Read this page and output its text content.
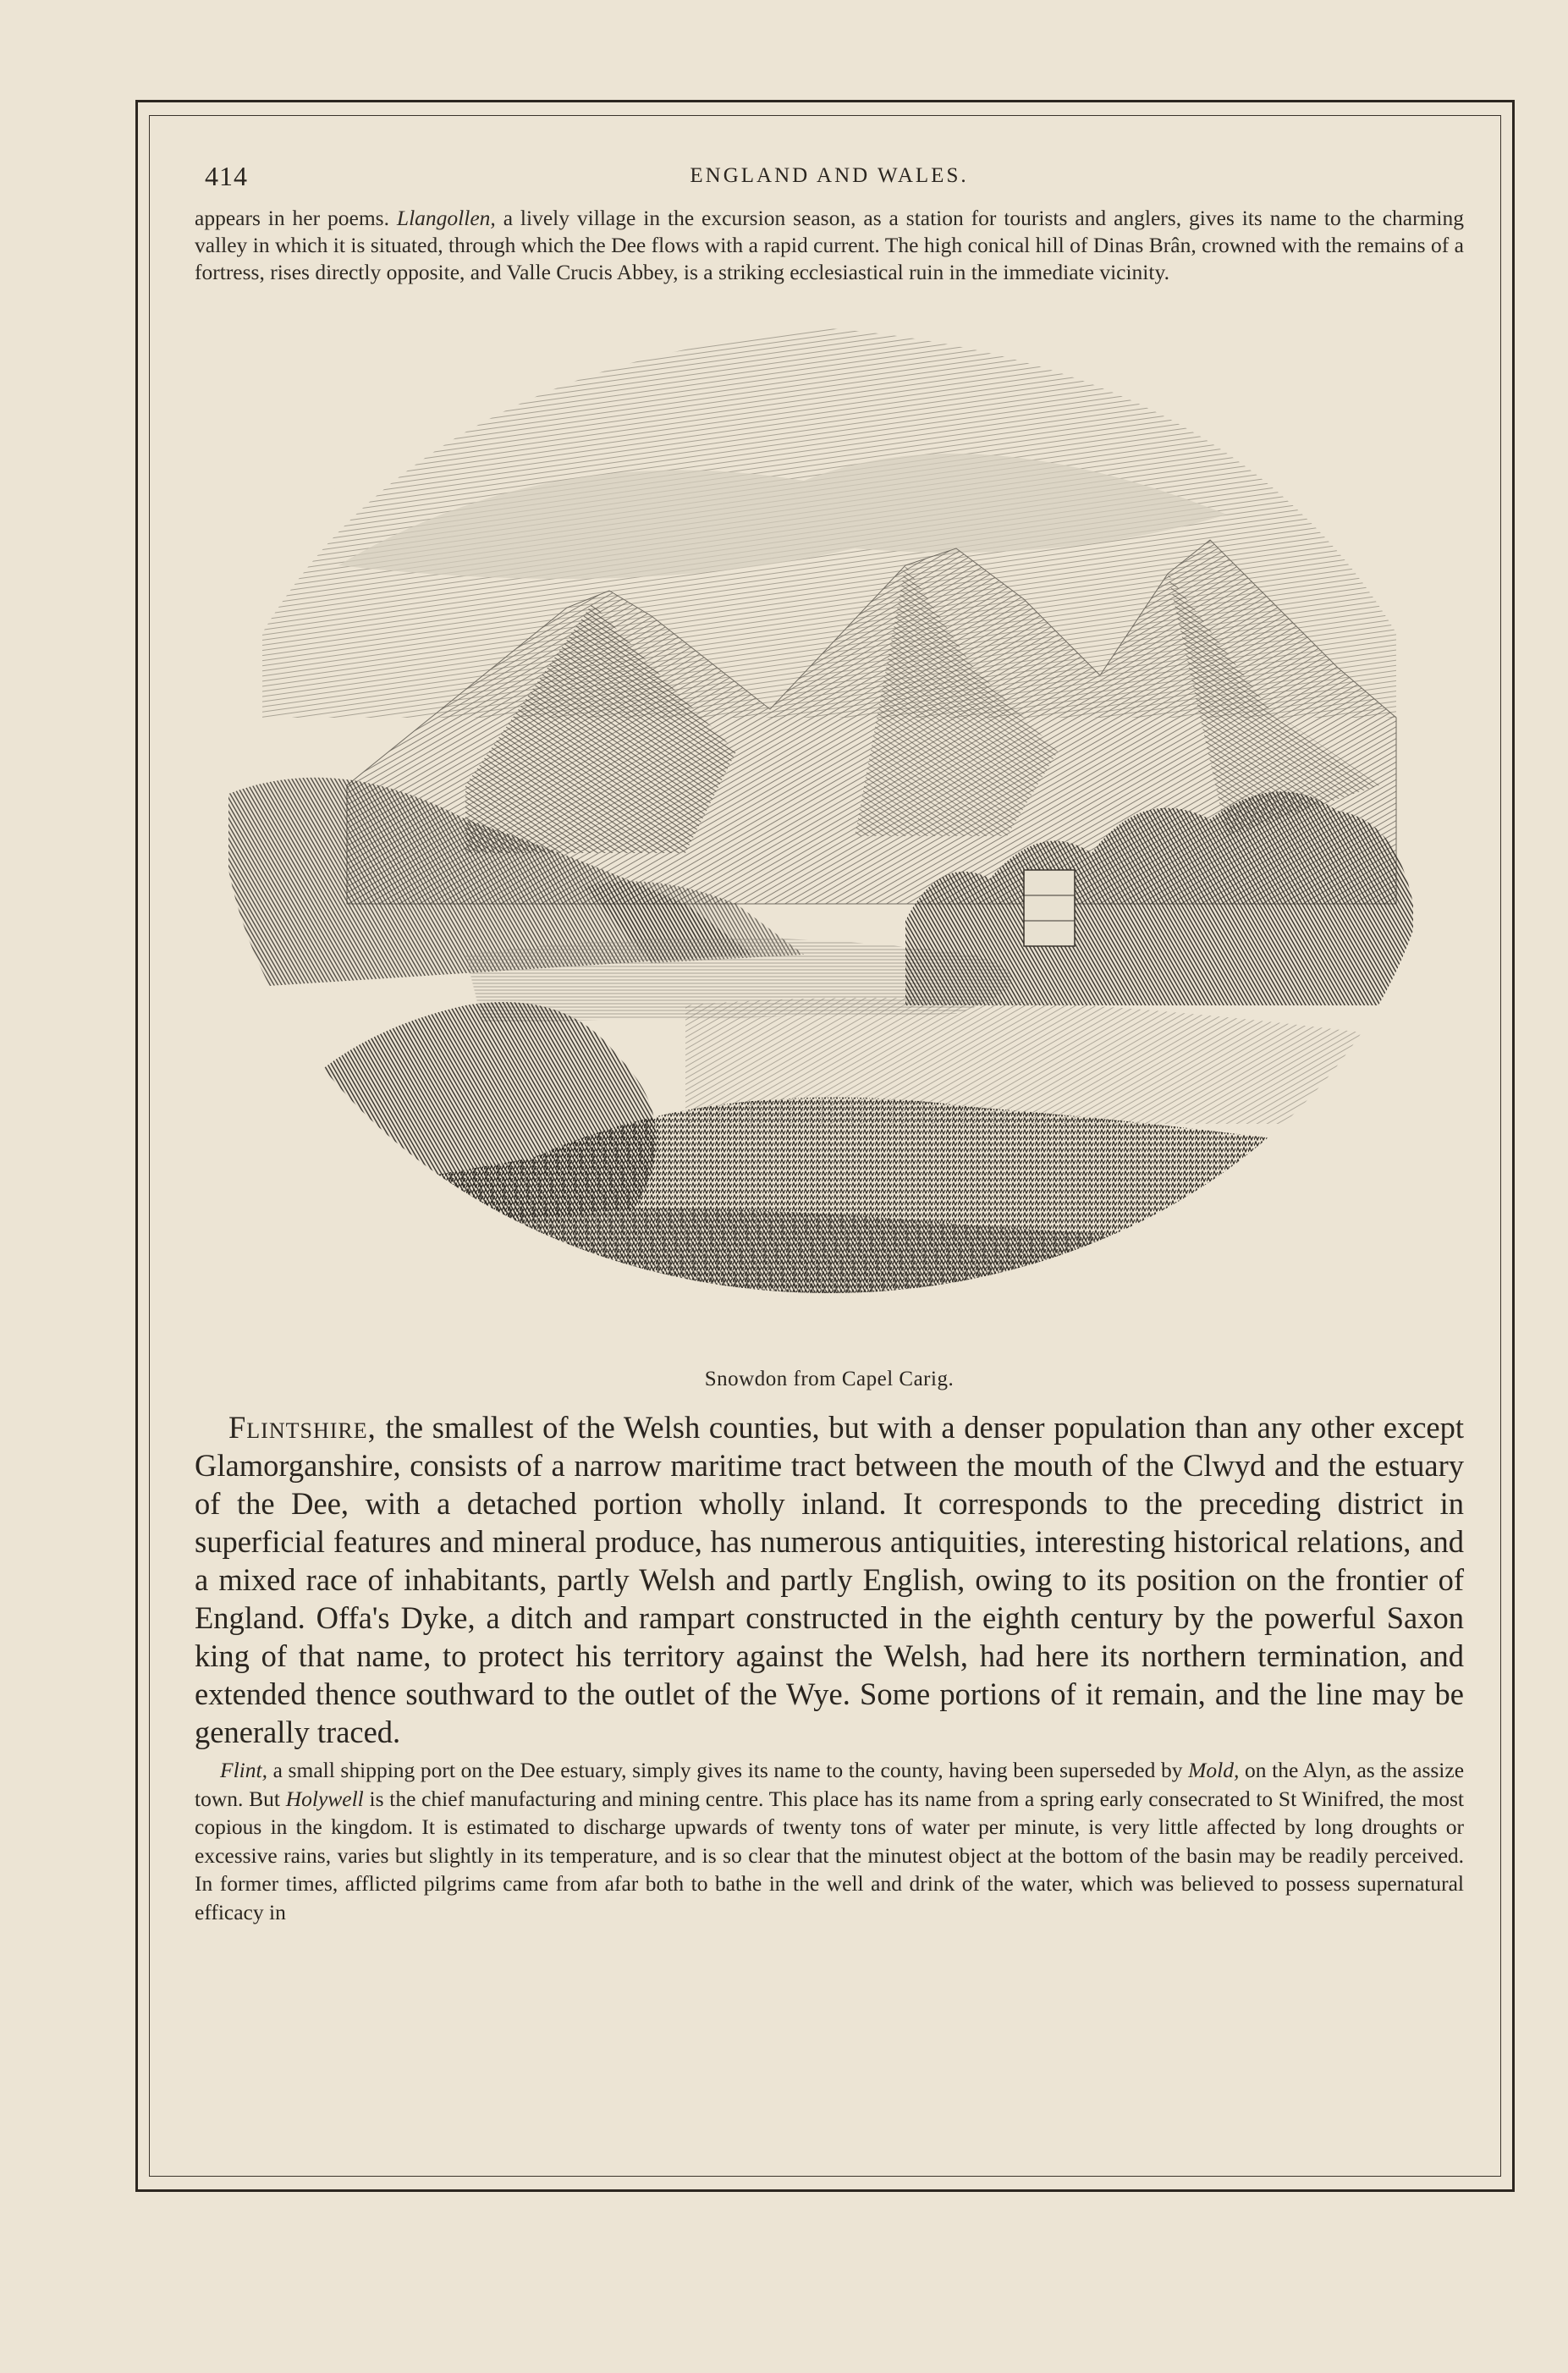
414	ENGLAND AND WALES.

appears in her poems. Llangollen, a lively village in the excursion season, as a station for tourists and anglers, gives its name to the charming valley in which it is situated, through which the Dee flows with a rapid current. The high conical hill of Dinas Brân, crowned with the remains of a fortress, rises directly opposite, and Valle Crucis Abbey, is a striking ecclesiastical ruin in the immediate vicinity.

Snowdon from Capel Carig.

Flintshire, the smallest of the Welsh counties, but with a denser population than any other except Glamorganshire, consists of a narrow maritime tract between the mouth of the Clwyd and the estuary of the Dee, with a detached portion wholly inland. It corresponds to the preceding district in superficial features and mineral produce, has numerous antiquities, interesting historical relations, and a mixed race of inhabitants, partly Welsh and partly English, owing to its position on the frontier of England. Offa's Dyke, a ditch and rampart constructed in the eighth century by the powerful Saxon king of that name, to protect his territory against the Welsh, had here its northern termination, and extended thence southward to the outlet of the Wye. Some portions of it remain, and the line may be generally traced.

Flint, a small shipping port on the Dee estuary, simply gives its name to the county, having been superseded by Mold, on the Alyn, as the assize town. But Holywell is the chief manufacturing and mining centre. This place has its name from a spring early consecrated to St Winifred, the most copious in the kingdom. It is estimated to discharge upwards of twenty tons of water per minute, is very little affected by long droughts or excessive rains, varies but slightly in its temperature, and is so clear that the minutest object at the bottom of the basin may be readily perceived. In former times, afflicted pilgrims came from afar both to bathe in the well and drink of the water, which was believed to possess supernatural efficacy in
